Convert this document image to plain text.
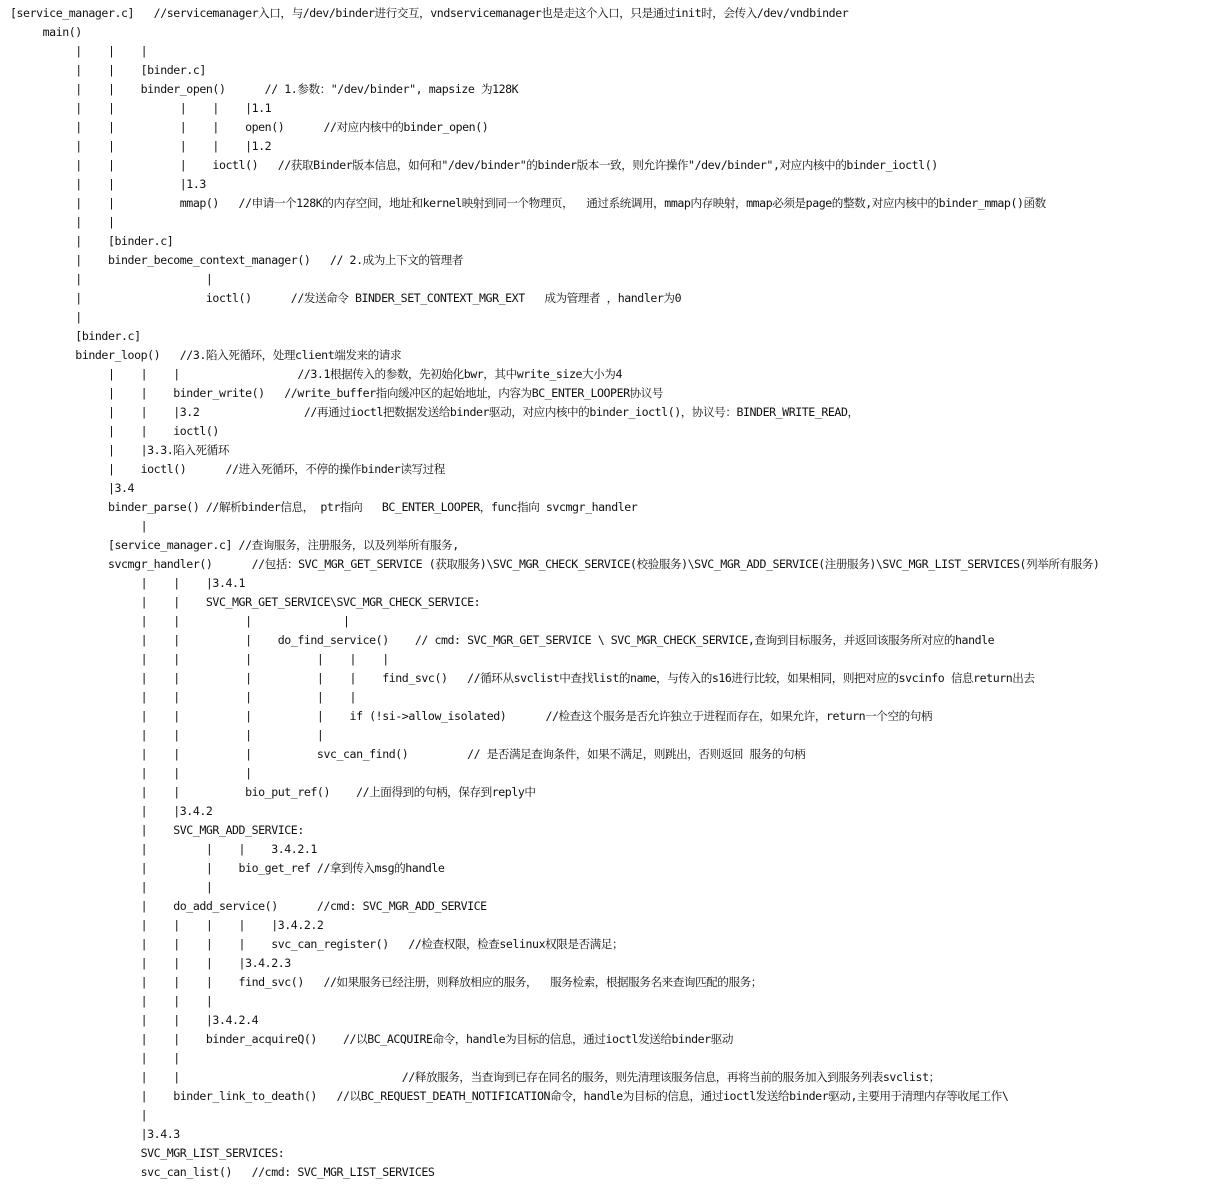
[service_manager.c]   //servicemanager入口，与/dev/binder进行交互，vndservicemanager也是走这个入口，只是通过init时，会传入/dev/vndbinder
main()
|    |    |
|    |    [binder.c]
|    |    binder_open()      // 1.参数："/dev/binder", mapsize 为128K
|    |          |    |    |1.1
|    |          |    |    open()      //对应内核中的binder_open()
|    |          |    |    |1.2
|    |          |    ioctl()   //获取Binder版本信息，如何和"/dev/binder"的binder版本一致，则允许操作"/dev/binder",对应内核中的binder_ioctl()
|    |          |1.3
|    |          mmap()   //申请一个128K的内存空间，地址和kernel映射到同一个物理页，  通过系统调用，mmap内存映射，mmap必须是page的整数,对应内核中的binder_mmap()函数
|    |
|    [binder.c]
|    binder_become_context_manager()   // 2.成为上下文的管理者
|                   |
|                   ioctl()      //发送命令 BINDER_SET_CONTEXT_MGR_EXT   成为管理者 ，handler为0
|
[binder.c]
binder_loop()   //3.陷入死循环，处理client端发来的请求
|    |    |                  //3.1根据传入的参数，先初始化bwr，其中write_size大小为4
|    |    binder_write()   //write_buffer指向缓冲区的起始地址，内容为BC_ENTER_LOOPER协议号
|    |    |3.2                //再通过ioctl把数据发送给binder驱动，对应内核中的binder_ioctl()，协议号：BINDER_WRITE_READ，
|    |    ioctl()
|    |3.3.陷入死循环
|    ioctl()      //进入死循环，不停的操作binder读写过程
|3.4
binder_parse() //解析binder信息， ptr指向   BC_ENTER_LOOPER，func指向 svcmgr_handler
|
[service_manager.c] //查询服务，注册服务，以及列举所有服务,
svcmgr_handler()      //包括：SVC_MGR_GET_SERVICE (获取服务)\SVC_MGR_CHECK_SERVICE(校验服务)\SVC_MGR_ADD_SERVICE(注册服务)\SVC_MGR_LIST_SERVICES(列举所有服务)
|    |    |3.4.1
|    |    SVC_MGR_GET_SERVICE\SVC_MGR_CHECK_SERVICE:
|    |          |              |
|    |          |    do_find_service()    // cmd: SVC_MGR_GET_SERVICE \ SVC_MGR_CHECK_SERVICE,查询到目标服务，并返回该服务所对应的handle
|    |          |          |    |    |
|    |          |          |    |    find_svc()   //循环从svclist中查找list的name，与传入的s16进行比较，如果相同，则把对应的svcinfo 信息return出去
|    |          |          |    |
|    |          |          |    if (!si->allow_isolated)      //检查这个服务是否允许独立于进程而存在，如果允许，return一个空的句柄
|    |          |          |
|    |          |          svc_can_find()         // 是否满足查询条件，如果不满足，则跳出，否则返回 服务的句柄
|    |          |
|    |          bio_put_ref()    //上面得到的句柄，保存到reply中
|    |3.4.2
|    SVC_MGR_ADD_SERVICE:
|         |    |    3.4.2.1
|         |    bio_get_ref //拿到传入msg的handle
|         |
|    do_add_service()      //cmd: SVC_MGR_ADD_SERVICE
|    |    |    |    |3.4.2.2
|    |    |    |    svc_can_register()   //检查权限，检查selinux权限是否满足；
|    |    |    |3.4.2.3
|    |    |    find_svc()   //如果服务已经注册，则释放相应的服务，  服务检索，根据服务名来查询匹配的服务；
|    |    |
|    |    |3.4.2.4
|    |    binder_acquireQ()    //以BC_ACQUIRE命令，handle为目标的信息，通过ioctl发送给binder驱动
|    |
|    |                                  //释放服务，当查询到已存在同名的服务，则先清理该服务信息，再将当前的服务加入到服务列表svclist；
|    binder_link_to_death()   //以BC_REQUEST_DEATH_NOTIFICATION命令，handle为目标的信息，通过ioctl发送给binder驱动,主要用于清理内存等收尾工作\
|
|3.4.3
SVC_MGR_LIST_SERVICES:
svc_can_list()   //cmd: SVC_MGR_LIST_SERVICES
